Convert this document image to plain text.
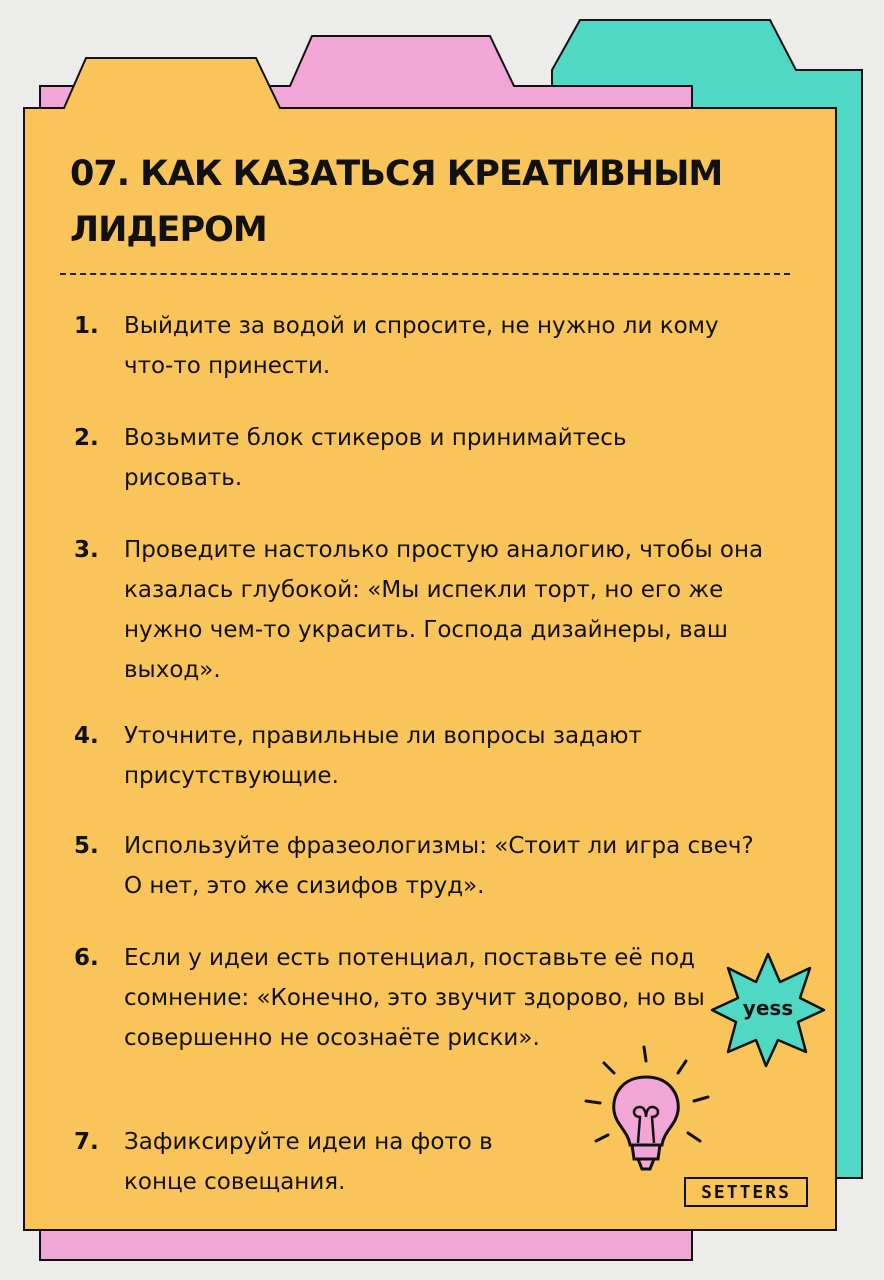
07. КАК КАЗАТЬСЯ КРЕАТИВНЫМ ЛИДЕРОМ
1.	Выйдите за водой и спросите, не нужно ли кому что-то принести.
2.	Возьмите блок стикеров и принимайтесь рисовать.
3.	Проведите настолько простую аналогию, чтобы она казалась глубокой: «Мы испекли торт, но его же нужно чем-то украсить. Господа дизайнеры, ваш выход».
4.	Уточните, правильные ли вопросы задают присутствующие.
5.	Используйте фразеологизмы: «Стоит ли игра свеч? О нет, это же сизифов труд».
6.	Если у идеи есть потенциал, поставьте её под сомнение: «Конечно, это звучит здорово, но вы совершенно не осознаёте риски».
7.	Зафиксируйте идеи на фото в конце совещания.
yess
SETTERS
